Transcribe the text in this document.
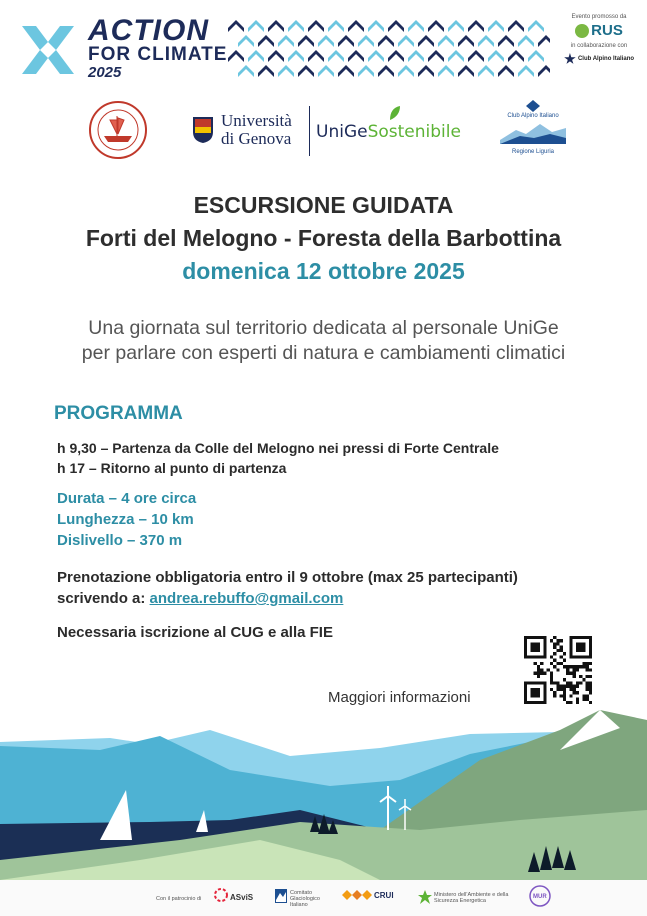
ACTION
FOR CLIMATE
2025
Evento promosso da
RUS
in collaborazione con
Club Alpino Italiano
Università
di Genova UniGeSostenibile
Club Alpino Italiano
Regione Liguria
ESCURSIONE GUIDATA
Forti del Melogno - Foresta della Barbottina
domenica 12 ottobre 2025
Una giornata sul territorio dedicata al personale UniGe
per parlare con esperti di natura e cambiamenti climatici
PROGRAMMA
h 9,30 – Partenza da Colle del Melogno nei pressi di Forte Centrale
h 17 – Ritorno al punto di partenza
Durata – 4 ore circa
Lunghezza – 10 km
Dislivello – 370 m
Prenotazione obbligatoria entro il 9 ottobre (max 25 partecipanti)
scrivendo a: andrea.rebuffo@gmail.com
Necessaria iscrizione al CUG e alla FIE
Maggiori informazioni
Con il patrocinio di	ASviS	Comitato Glaciologico Italiano
CRUI	Ministero dell'Ambiente e della Sicurezza Energetica
MUR
